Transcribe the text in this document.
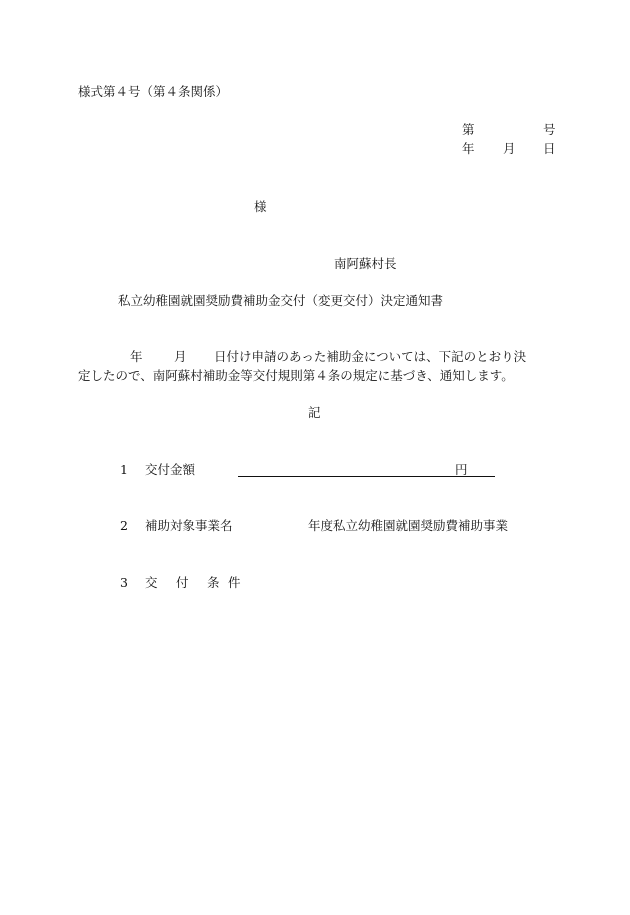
様式第４号（第４条関係）
第	号
年 月 日
様
南阿蘇村長
私立幼稚園就園奨励費補助金交付（変更交付）決定通知書
年	月 日付け申請のあった補助金については、下記のとおり決
定したので、南阿蘇村補助金等交付規則第４条の規定に基づき、通知します。
記
1 交付金額	円
2 補助対象事業名	年度私立幼稚園就園奨励費補助事業
3 交 付 条 件
